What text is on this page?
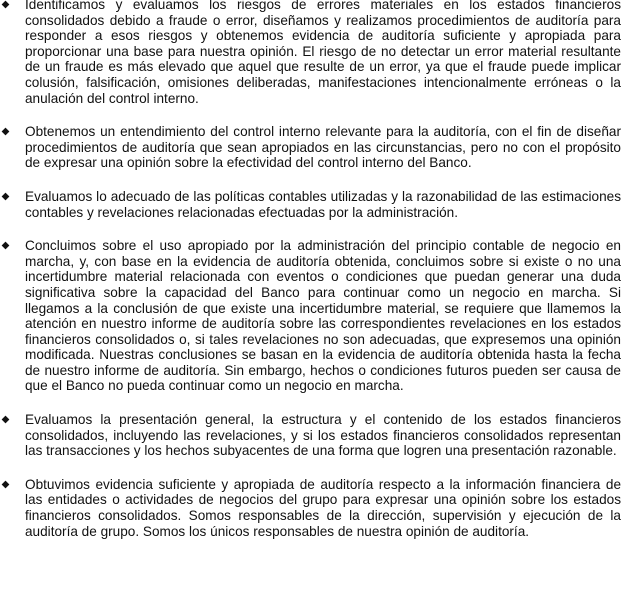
Identificamos y evaluamos los riesgos de errores materiales en los estados financieros consolidados debido a fraude o error, diseñamos y realizamos procedimientos de auditoría para responder a esos riesgos y obtenemos evidencia de auditoría suficiente y apropiada para proporcionar una base para nuestra opinión. El riesgo de no detectar un error material resultante de un fraude es más elevado que aquel que resulte de un error, ya que el fraude puede implicar colusión, falsificación, omisiones deliberadas, manifestaciones intencionalmente erróneas o la anulación del control interno.

Obtenemos un entendimiento del control interno relevante para la auditoría, con el fin de diseñar procedimientos de auditoría que sean apropiados en las circunstancias, pero no con el propósito de expresar una opinión sobre la efectividad del control interno del Banco.

Evaluamos lo adecuado de las políticas contables utilizadas y la razonabilidad de las estimaciones contables y revelaciones relacionadas efectuadas por la administración.

Concluimos sobre el uso apropiado por la administración del principio contable de negocio en marcha, y, con base en la evidencia de auditoría obtenida, concluimos sobre si existe o no una incertidumbre material relacionada con eventos o condiciones que puedan generar una duda significativa sobre la capacidad del Banco para continuar como un negocio en marcha. Si llegamos a la conclusión de que existe una incertidumbre material, se requiere que llamemos la atención en nuestro informe de auditoría sobre las correspondientes revelaciones en los estados financieros consolidados o, si tales revelaciones no son adecuadas, que expresemos una opinión modificada. Nuestras conclusiones se basan en la evidencia de auditoría obtenida hasta la fecha de nuestro informe de auditoría. Sin embargo, hechos o condiciones futuros pueden ser causa de que el Banco no pueda continuar como un negocio en marcha.

Evaluamos la presentación general, la estructura y el contenido de los estados financieros consolidados, incluyendo las revelaciones, y si los estados financieros consolidados representan las transacciones y los hechos subyacentes de una forma que logren una presentación razonable.

Obtuvimos evidencia suficiente y apropiada de auditoría respecto a la información financiera de las entidades o actividades de negocios del grupo para expresar una opinión sobre los estados financieros consolidados. Somos responsables de la dirección, supervisión y ejecución de la auditoría de grupo. Somos los únicos responsables de nuestra opinión de auditoría.
